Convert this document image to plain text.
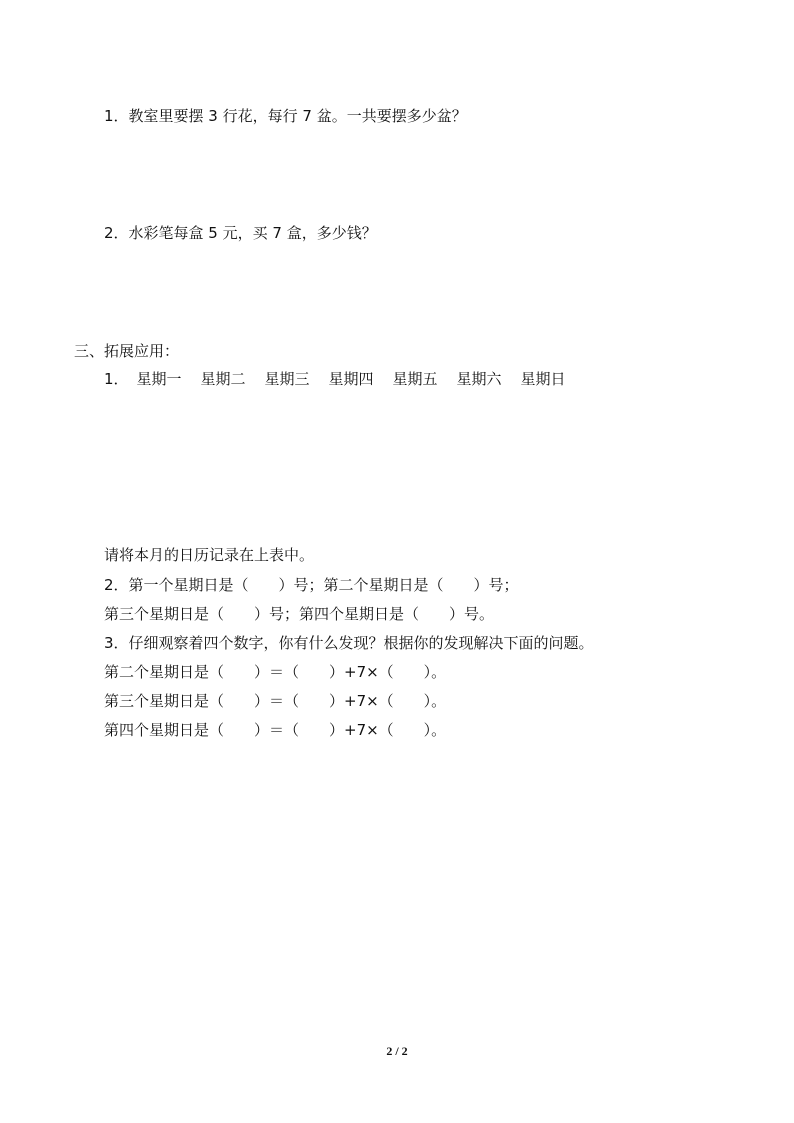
1．教室里要摆 3 行花，每行 7 盆。一共要摆多少盆？

2．水彩笔每盒 5 元，买 7 盒，多少钱？

三、拓展应用：

1． 星期一	星期二	星期三	星期四	星期五	星期六	星期日

请将本月的日历记录在上表中。

2．第一个星期日是（　　）号；第二个星期日是（　　）号；

第三个星期日是（　　）号；第四个星期日是（　　）号。

3．仔细观察着四个数字，你有什么发现？根据你的发现解决下面的问题。

第二个星期日是（　　）＝（　　）+7×（　　）。

第三个星期日是（　　）＝（　　）+7×（　　）。

第四个星期日是（　　）＝（　　）+7×（　　）。

2 / 2
